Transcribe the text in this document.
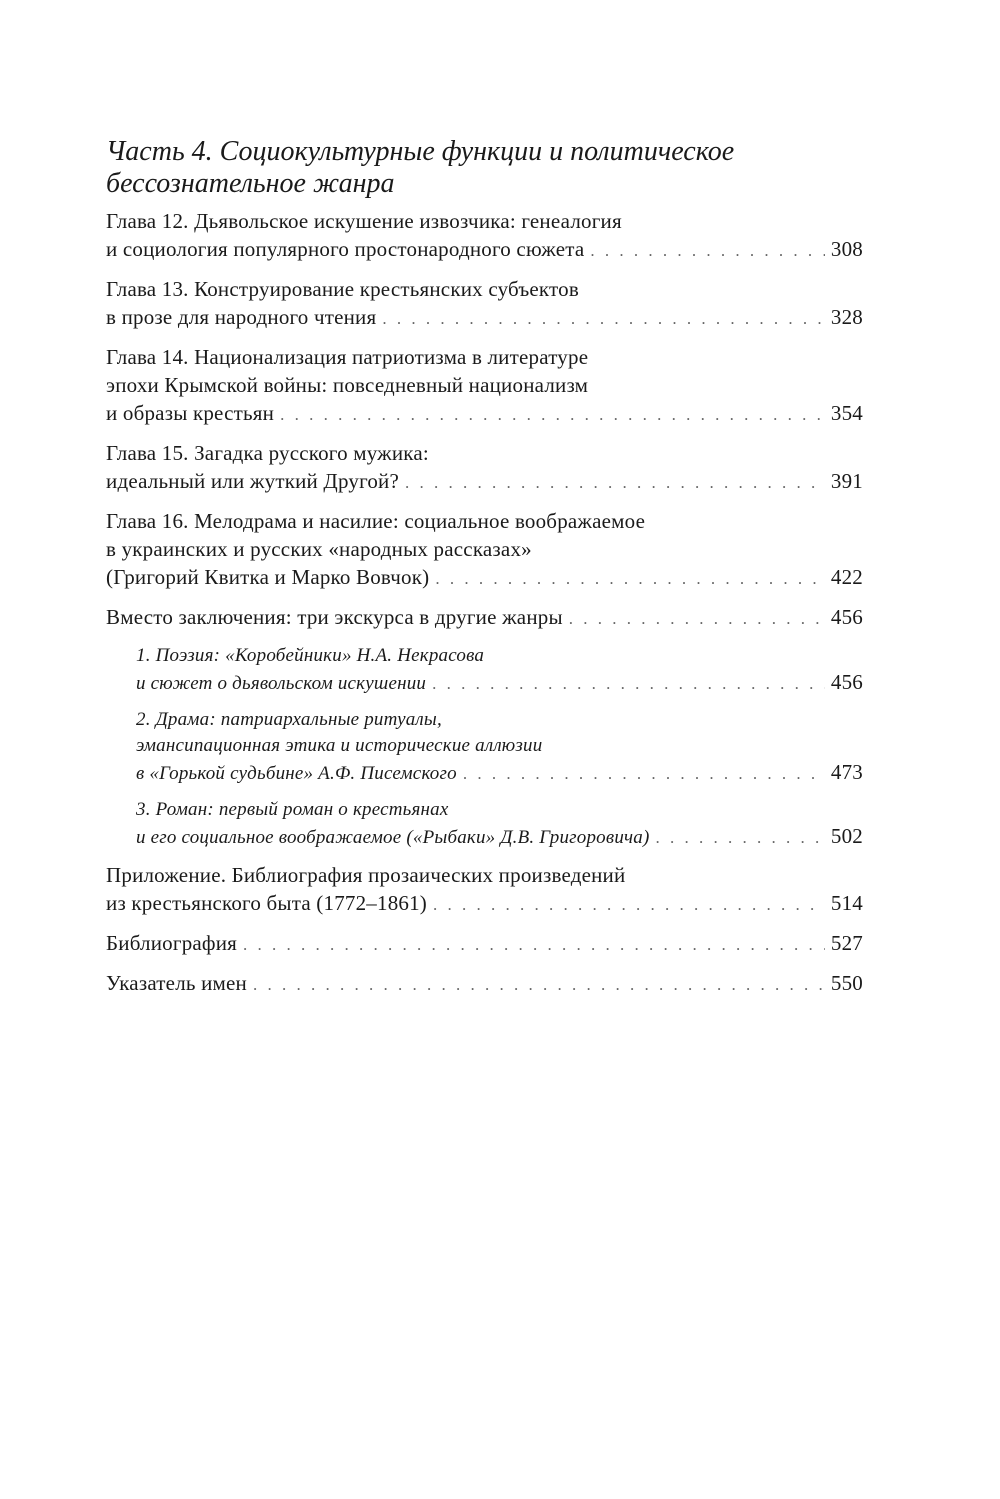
Часть 4. Социокультурные функции и политическое
бессознательное жанра
Глава 12. Дьявольское искушение извозчика: генеалогия
и социология популярного простонародного сюжета . . .	308
Глава 13. Конструирование крестьянских субъектов
в прозе для народного чтения . . .	328
Глава 14. Национализация патриотизма в литературе
эпохи Крымской войны: повседневный национализм
и образы крестьян . . .	354
Глава 15. Загадка русского мужика:
идеальный или жуткий Другой? . . .	391
Глава 16. Мелодрама и насилие: социальное воображаемое
в украинских и русских «народных рассказах»
(Григорий Квитка и Марко Вовчок) . . .	422
Вместо заключения: три экскурса в другие жанры . . .	456
1. Поэзия: «Коробейники» Н.А. Некрасова
и сюжет о дьявольском искушении . . .	456
2. Драма: патриархальные ритуалы,
эмансипационная этика и исторические аллюзии
в «Горькой судьбине» А.Ф. Писемского . . .	473
3. Роман: первый роман о крестьянах
и его социальное воображаемое («Рыбаки» Д.В. Григоровича) . . .	502
Приложение. Библиография прозаических произведений
из крестьянского быта (1772–1861) . . .	514
Библиография . . .	527
Указатель имен . . .	550
